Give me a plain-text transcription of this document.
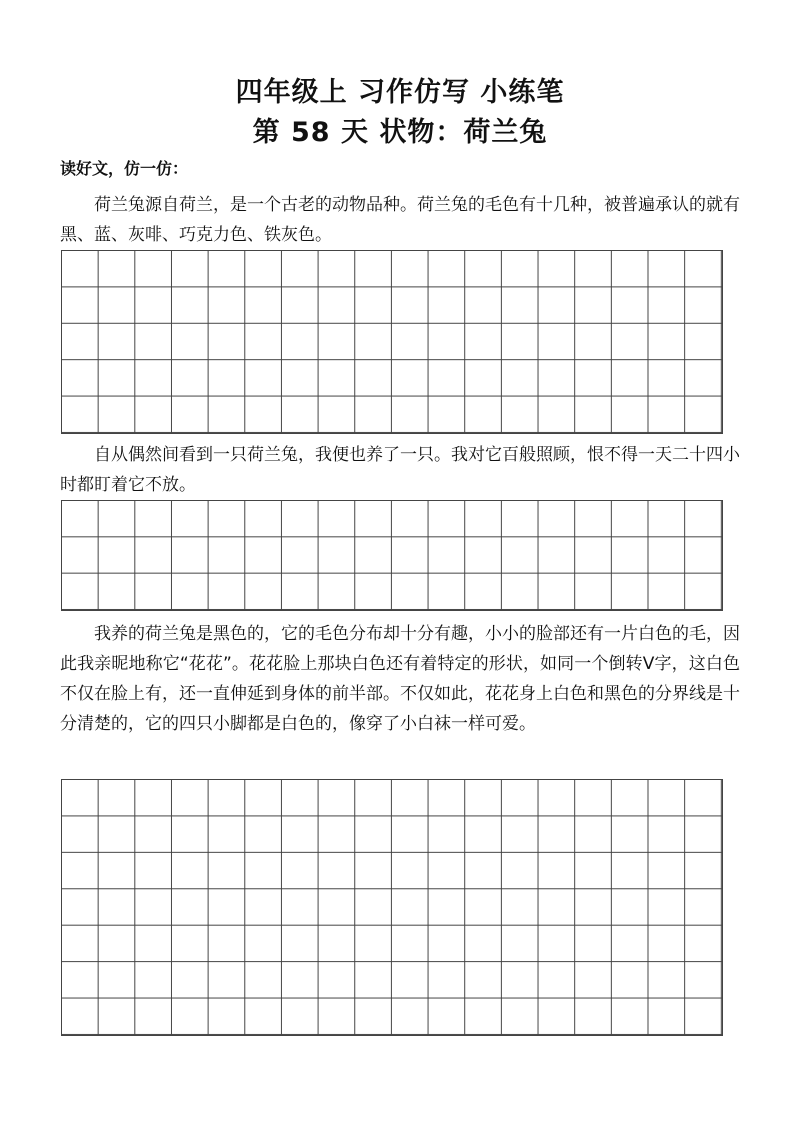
四年级上 习作仿写 小练笔
第 58 天 状物：荷兰兔

读好文，仿一仿：

荷兰兔源自荷兰，是一个古老的动物品种。荷兰兔的毛色有十几种，被普遍承认的就有黑、蓝、灰啡、巧克力色、铁灰色。

自从偶然间看到一只荷兰兔，我便也养了一只。我对它百般照顾，恨不得一天二十四小时都盯着它不放。

我养的荷兰兔是黑色的，它的毛色分布却十分有趣，小小的脸部还有一片白色的毛，因此我亲昵地称它“花花”。花花脸上那块白色还有着特定的形状，如同一个倒转V字，这白色不仅在脸上有，还一直伸延到身体的前半部。不仅如此，花花身上白色和黑色的分界线是十分清楚的，它的四只小脚都是白色的，像穿了小白袜一样可爱。
